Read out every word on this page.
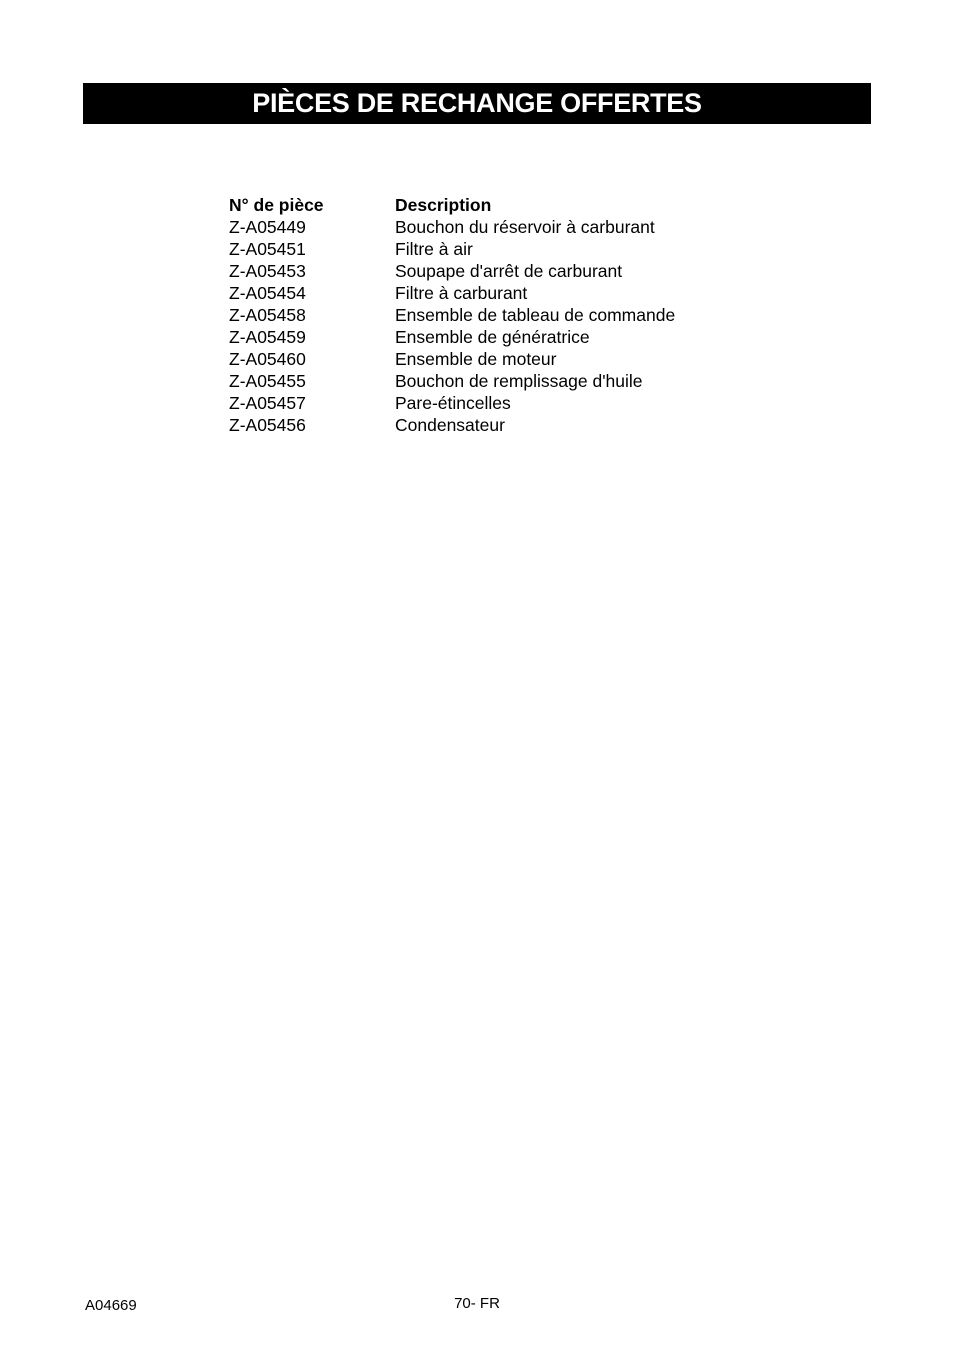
PIÈCES DE RECHANGE OFFERTES
N° de pièce	Description
Z-A05449	Bouchon du réservoir à carburant
Z-A05451	Filtre à air
Z-A05453	Soupape d'arrêt de carburant
Z-A05454	Filtre à carburant
Z-A05458	Ensemble de tableau de commande
Z-A05459	Ensemble de génératrice
Z-A05460	Ensemble de moteur
Z-A05455	Bouchon de remplissage d'huile
Z-A05457	Pare-étincelles
Z-A05456	Condensateur
A04669	70- FR
